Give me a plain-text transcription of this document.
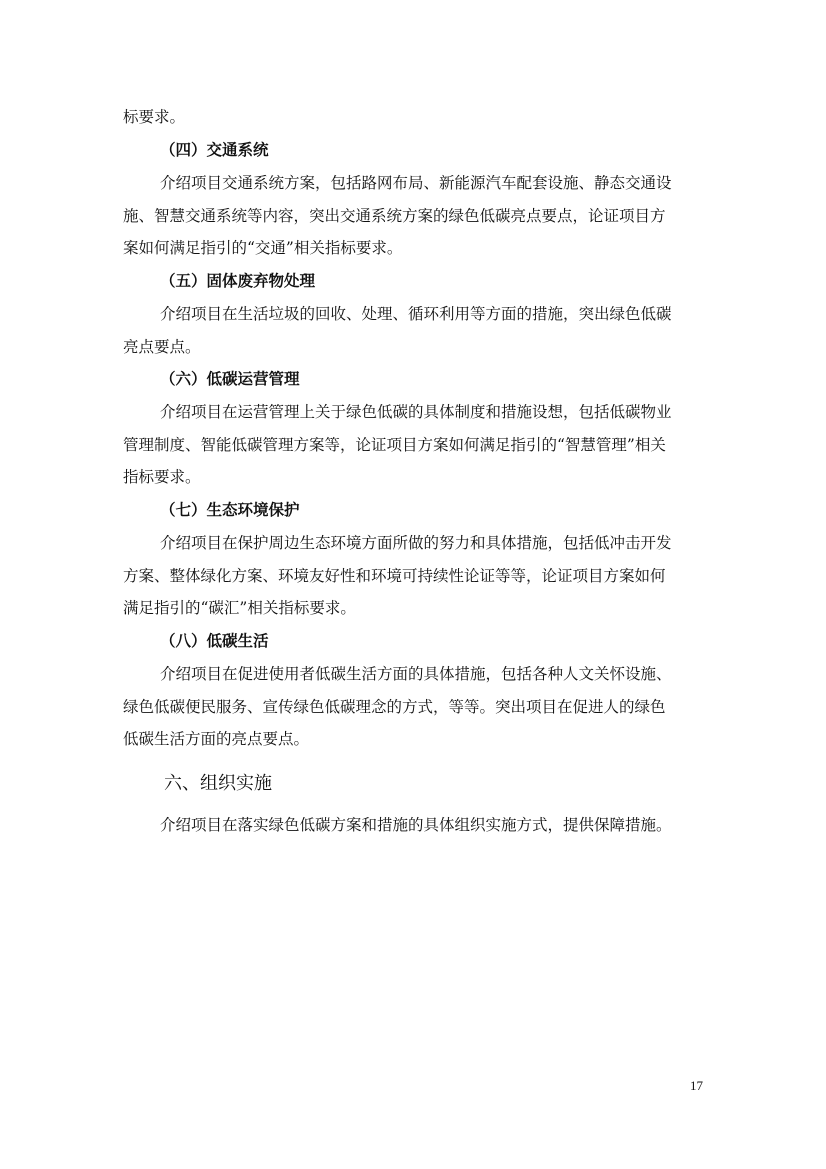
标要求。
（四）交通系统
介绍项目交通系统方案，包括路网布局、新能源汽车配套设施、静态交通设
施、智慧交通系统等内容，突出交通系统方案的绿色低碳亮点要点，论证项目方
案如何满足指引的“交通”相关指标要求。
（五）固体废弃物处理
介绍项目在生活垃圾的回收、处理、循环利用等方面的措施，突出绿色低碳
亮点要点。
（六）低碳运营管理
介绍项目在运营管理上关于绿色低碳的具体制度和措施设想，包括低碳物业
管理制度、智能低碳管理方案等，论证项目方案如何满足指引的“智慧管理”相关
指标要求。
（七）生态环境保护
介绍项目在保护周边生态环境方面所做的努力和具体措施，包括低冲击开发
方案、整体绿化方案、环境友好性和环境可持续性论证等等，论证项目方案如何
满足指引的“碳汇”相关指标要求。
（八）低碳生活
介绍项目在促进使用者低碳生活方面的具体措施，包括各种人文关怀设施、
绿色低碳便民服务、宣传绿色低碳理念的方式，等等。突出项目在促进人的绿色
低碳生活方面的亮点要点。
六、组织实施
介绍项目在落实绿色低碳方案和措施的具体组织实施方式，提供保障措施。
17
